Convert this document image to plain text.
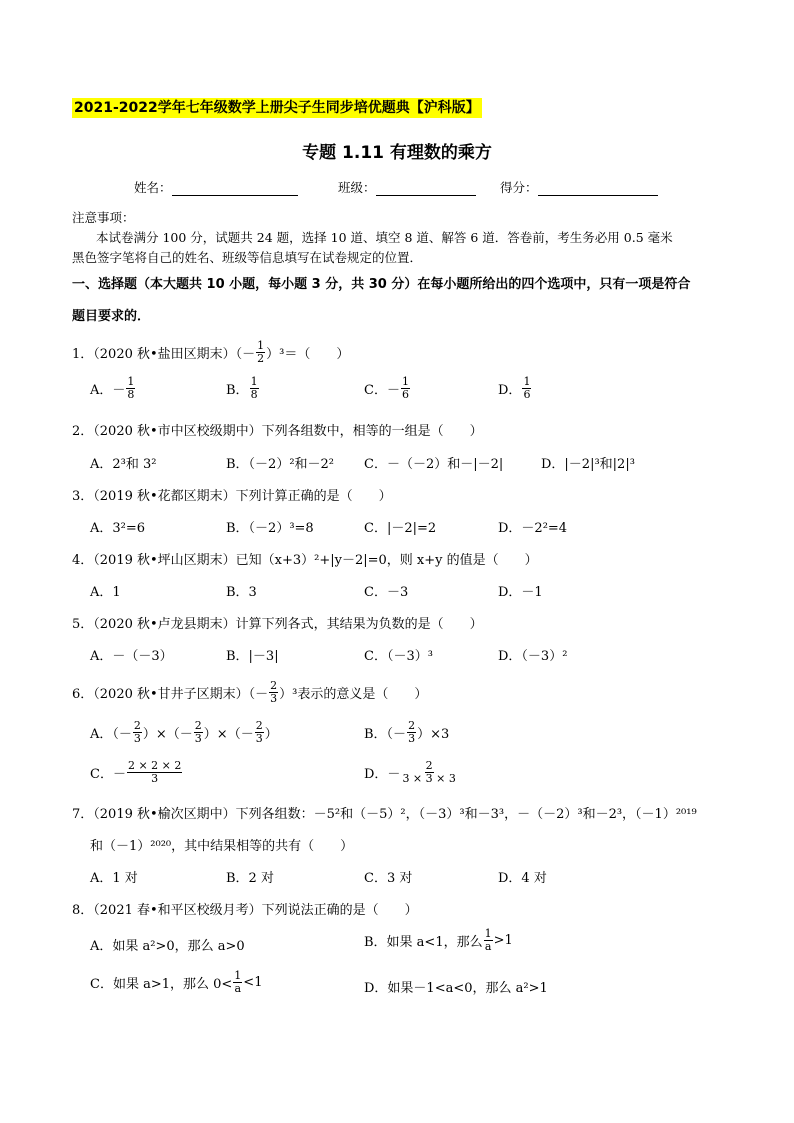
2021-2022学年七年级数学上册尖子生同步培优题典【沪科版】
专题 1.11 有理数的乘方
姓名：	班级：	得分：
注意事项：
本试卷满分 100 分，试题共 24 题，选择 10 道、填空 8 道、解答 6 道．答卷前，考生务必用 0.5 毫米
黑色签字笔将自己的姓名、班级等信息填写在试卷规定的位置．
一、选择题（本大题共 10 小题，每小题 3 分，共 30 分）在每小题所给出的四个选项中，只有一项是符合
题目要求的．
1．（2020 秋•盐田区期末）（－ $\frac{1}{2} )^3=$（　　）
A．－ $\frac{1}{8}$	B． $\frac{1}{8}$	C．－ $\frac{1}{6}$	D． $\frac{1}{6}$
2．（2020 秋•市中区校级期中）下列各组数中，相等的一组是（　　）
A．2³和 3²	B．（－2）²和－2² C．－（－2）和－|－2|	D．|－2|³和|2|³
3．（2019 秋•花都区期末）下列计算正确的是（　　）
A．3²=6	B．（－2）³=8	C．|－2|=2	D．－2²=4
4．（2019 秋•坪山区期末）已知（x+3）²+|y－2|=0，则 x+y 的值是（　　）
A．1	B．3	C．－3	D．－1
5．（2020 秋•卢龙县期末）计算下列各式，其结果为负数的是（　　）
A．－（－3）	B．|－3|	C．（－3）³	D．（－3）²
6．（2020 秋•甘井子区期末）（－ $\frac{2}{3} )^3$表示的意义是（　　）
A．（－ $\frac{2}{3}$ ）×（－ $\frac{2}{3}$ ）×（－ $\frac{2}{3}$ ）	B．（－ $\frac{2}{3} )\times 3$
C．－ $\frac{2 \times 2 \times 2}{3}$	D．－ $\frac{2}{3 \times 3 \times 3}$
7．（2019 秋•榆次区期中）下列各组数：－5²和（－5）²，（－3）³和－3³，－（－2）³和－2³，（－1）²⁰¹⁹
和（－1）²⁰²⁰，其中结果相等的共有（　　）
A．1 对	B．2 对	C．3 对	D．4 对
8．（2021 春•和平区校级月考）下列说法正确的是（　　）
A．如果 a²>0，那么 a>0	B．如果 a<1，那么 $\frac{1}{a} >1$
C．如果 a>1，那么 $0< \frac{1}{a} <1$	D．如果－1<a<0，那么 a²>1
